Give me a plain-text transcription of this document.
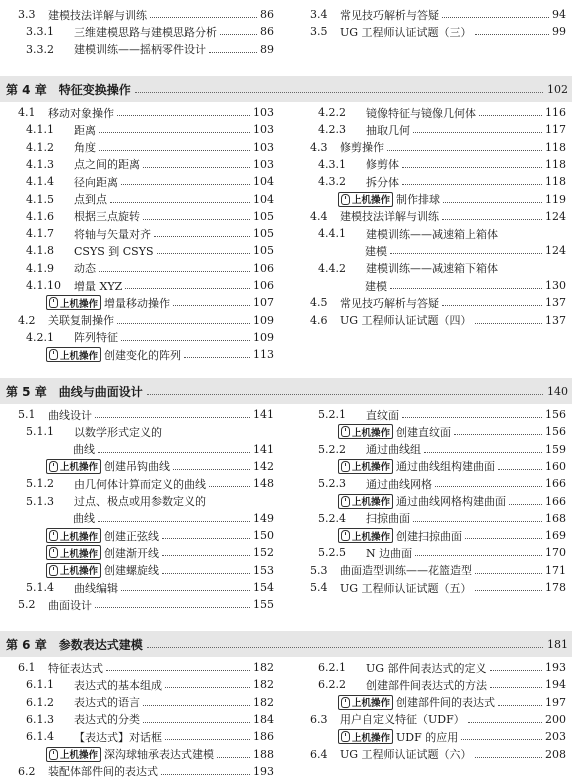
3.3	建模技法详解与训练	86
3.3.1	三维建模思路与建模思路分析	86
3.3.2	建模训练——摇柄零件设计	89
3.4	常见技巧解析与答疑	94
3.5	UG 工程师认证试题（三）	99
第 4 章 特征变换操作	102
4.1	移动对象操作	103
4.1.1	距离	103
4.1.2	角度	103
4.1.3	点之间的距离	103
4.1.4	径向距离	104
4.1.5	点到点	104
4.1.6	根据三点旋转	105
4.1.7	将轴与矢量对齐	105
4.1.8	CSYS 到 CSYS	105
4.1.9	动态	106
4.1.10	增量 XYZ	106
上机操作 增量移动操作	107
4.2	关联复制操作	109
4.2.1	阵列特征	109
上机操作 创建变化的阵列	113
4.2.2	镜像特征与镜像几何体	116
4.2.3	抽取几何	117
4.3	修剪操作	118
4.3.1	修剪体	118
4.3.2	拆分体	118
上机操作 制作排球	119
4.4	建模技法详解与训练	124
4.4.1	建模训练——减速箱上箱体
建模	124
4.4.2	建模训练——减速箱下箱体
建模	130
4.5	常见技巧解析与答疑	137
4.6	UG 工程师认证试题（四）	137
第 5 章 曲线与曲面设计	140
5.1	曲线设计	141
5.1.1	以数学形式定义的
曲线	141
上机操作 创建吊钩曲线	142
5.1.2	由几何体计算而定义的曲线	148
5.1.3	过点、极点或用参数定义的
曲线	149
上机操作 创建正弦线	150
上机操作 创建渐开线	152
上机操作 创建螺旋线	153
5.1.4	曲线编辑	154
5.2	曲面设计	155
5.2.1	直纹面	156
上机操作 创建直纹面	156
5.2.2	通过曲线组	159
上机操作 通过曲线组构建曲面	160
5.2.3	通过曲线网格	166
上机操作 通过曲线网格构建曲面	166
5.2.4	扫掠曲面	168
上机操作 创建扫掠曲面	169
5.2.5	N 边曲面	170
5.3	曲面造型训练——花篮造型	171
5.4	UG 工程师认证试题（五）	178
第 6 章 参数表达式建模	181
6.1	特征表达式	182
6.1.1	表达式的基本组成	182
6.1.2	表达式的语言	182
6.1.3	表达式的分类	184
6.1.4	【表达式】对话框	186
上机操作 深沟球轴承表达式建模	188
6.2	装配体部件间的表达式	193
6.2.1	UG 部件间表达式的定义	193
6.2.2	创建部件间表达式的方法	194
上机操作 创建部件间的表达式	197
6.3	用户自定义特征（UDF）	200
上机操作 UDF 的应用	203
6.4	UG 工程师认证试题（六）	208
